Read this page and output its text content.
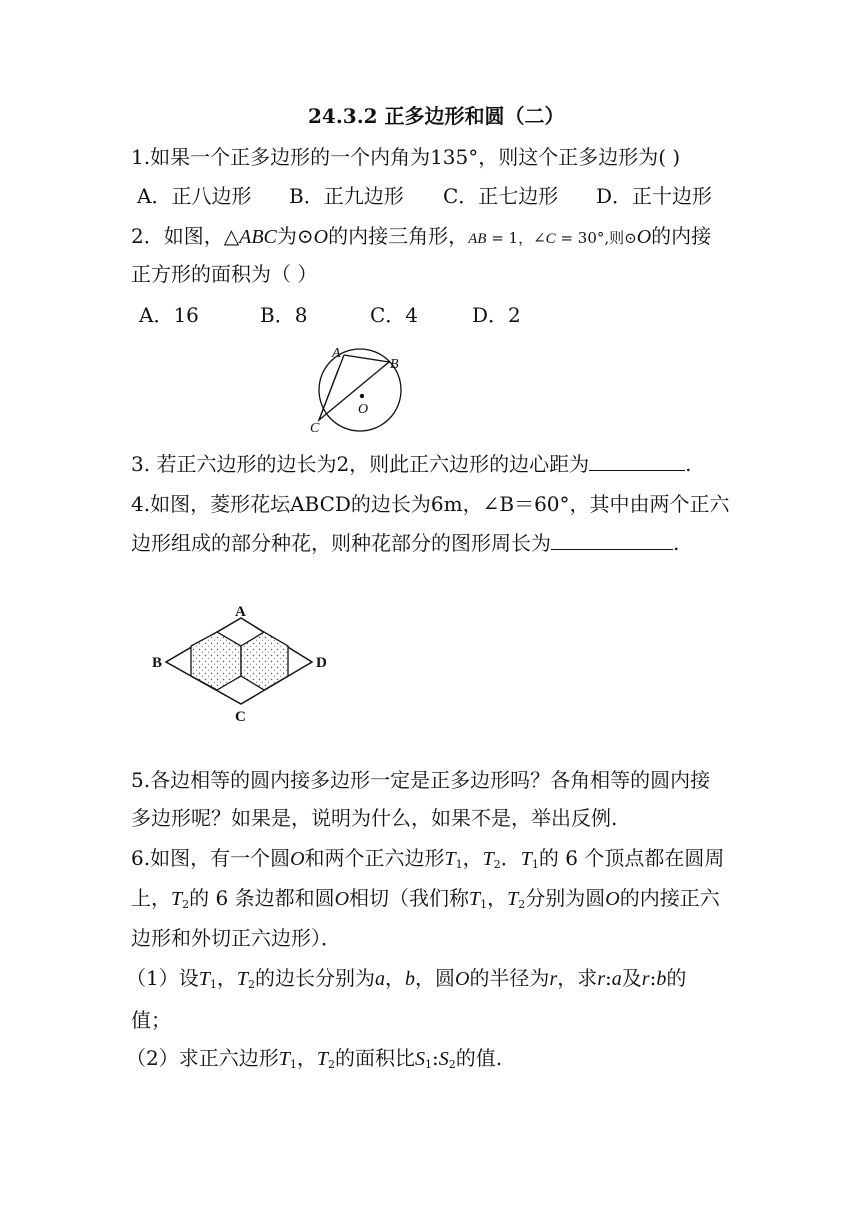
24.3.2 正多边形和圆（二）
1.如果一个正多边形的一个内角为135°，则这个正多边形为( )
A．正八边形 B．正九边形 C．正七边形 D．正十边形
2．如图，△ABC为⊙O的内接三角形，AB = 1，∠C = 30°,则⊙O的内接
正方形的面积为（ ）
A．16	B．8	C．4	D．2
A
B
C
O
3. 若正六边形的边长为2，则此正六边形的边心距为	.
4.如图，菱形花坛ABCD的边长为6m，∠B＝60°，其中由两个正六
边形组成的部分种花，则种花部分的图形周长为	.
A
B
C
D
5.各边相等的圆内接多边形一定是正多边形吗？各角相等的圆内接
多边形呢？如果是，说明为什么，如果不是，举出反例.
6.如图，有一个圆O和两个正六边形$T_1$，$T_2$．$T_1$的 6 个顶点都在圆周
上，$T_2$的 6 条边都和圆O相切（我们称$T_1$，$T_2$分别为圆O的内接正六
边形和外切正六边形）．
（1）设$T_1$，$T_2$的边长分别为a，b，圆O的半径为r，求r:a及r:b的
值；
（2）求正六边形$T_1$，$T_2$的面积比$S_1:S_2$的值.
